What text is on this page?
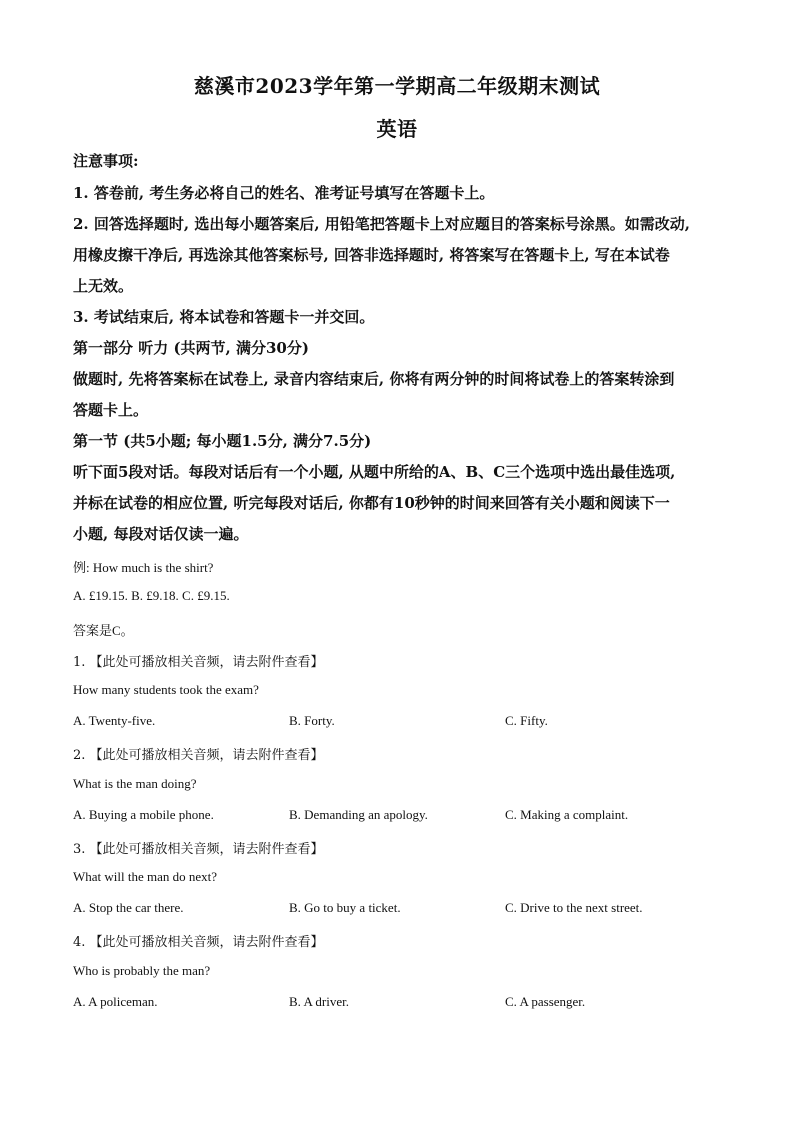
慈溪市2023学年第一学期高二年级期末测试
英语
注意事项:
1. 答卷前, 考生务必将自己的姓名、准考证号填写在答题卡上。
2. 回答选择题时, 选出每小题答案后, 用铅笔把答题卡上对应题目的答案标号涂黑。如需改动,
用橡皮擦干净后, 再选涂其他答案标号, 回答非选择题时, 将答案写在答题卡上, 写在本试卷
上无效。
3. 考试结束后, 将本试卷和答题卡一并交回。
第一部分 听力 (共两节, 满分30分)
做题时, 先将答案标在试卷上, 录音内容结束后, 你将有两分钟的时间将试卷上的答案转涂到
答题卡上。
第一节 (共5小题; 每小题1.5分, 满分7.5分)
听下面5段对话。每段对话后有一个小题, 从题中所给的A、B、C三个选项中选出最佳选项,
并标在试卷的相应位置, 听完每段对话后, 你都有10秒钟的时间来回答有关小题和阅读下一
小题, 每段对话仅读一遍。
例: How much is the shirt?
A. £19.15. B. £9.18. C. £9.15.
答案是C。
1. 【此处可播放相关音频，请去附件查看】
How many students took the exam?
A. Twenty-five.	B. Forty.	C. Fifty.
2. 【此处可播放相关音频，请去附件查看】
What is the man doing?
A. Buying a mobile phone.	B. Demanding an apology.	C. Making a complaint.
3. 【此处可播放相关音频，请去附件查看】
What will the man do next?
A. Stop the car there.	B. Go to buy a ticket.	C. Drive to the next street.
4. 【此处可播放相关音频，请去附件查看】
Who is probably the man?
A. A policeman.	B. A driver.	C. A passenger.
